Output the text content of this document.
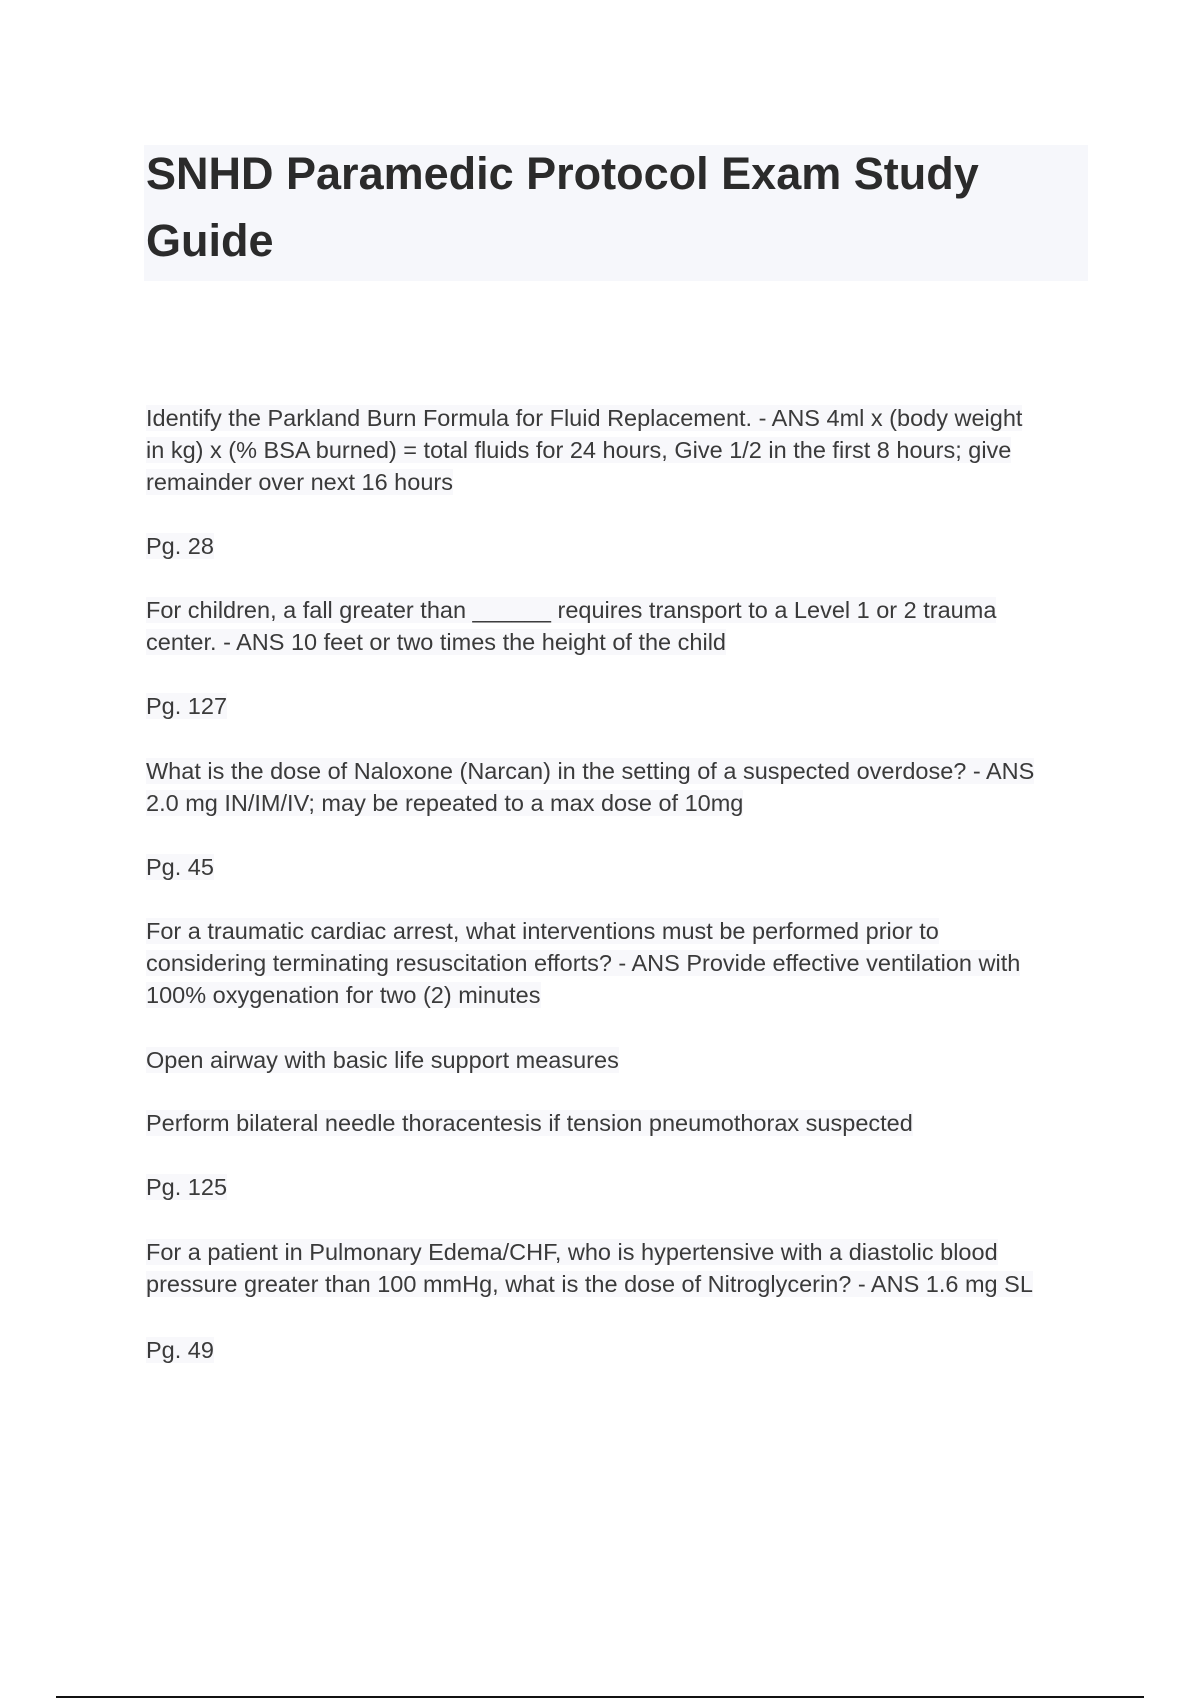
SNHD Paramedic Protocol Exam Study Guide

Identify the Parkland Burn Formula for Fluid Replacement. - ANS 4ml x (body weight
in kg) x (% BSA burned) = total fluids for 24 hours, Give 1/2 in the first 8 hours; give
remainder over next 16 hours

Pg. 28

For children, a fall greater than ______ requires transport to a Level 1 or 2 trauma
center. - ANS 10 feet or two times the height of the child

Pg. 127

What is the dose of Naloxone (Narcan) in the setting of a suspected overdose? - ANS
2.0 mg IN/IM/IV; may be repeated to a max dose of 10mg

Pg. 45

For a traumatic cardiac arrest, what interventions must be performed prior to
considering terminating resuscitation efforts? - ANS Provide effective ventilation with
100% oxygenation for two (2) minutes

Open airway with basic life support measures

Perform bilateral needle thoracentesis if tension pneumothorax suspected

Pg. 125

For a patient in Pulmonary Edema/CHF, who is hypertensive with a diastolic blood
pressure greater than 100 mmHg, what is the dose of Nitroglycerin? - ANS 1.6 mg SL

Pg. 49
